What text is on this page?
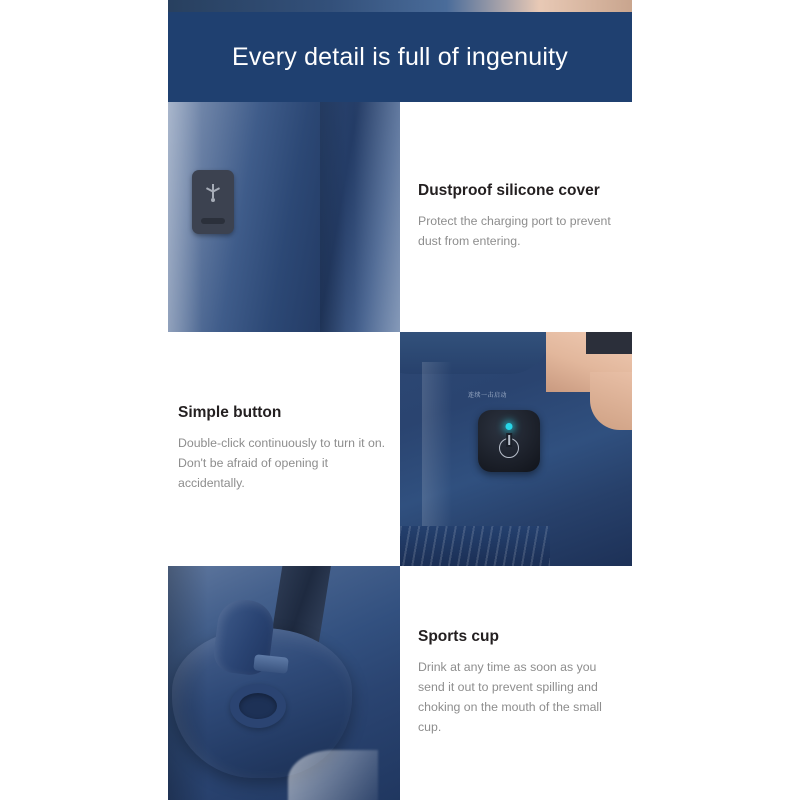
Every detail is full of ingenuity
Dustproof silicone cover

Protect the charging port to prevent dust from entering.

Simple button

Double-click continuously to turn it on. Don't be afraid of opening it accidentally.

连续一击启动
Sports cup

Drink at any time as soon as you send it out to prevent spilling and choking on the mouth of the small cup.
